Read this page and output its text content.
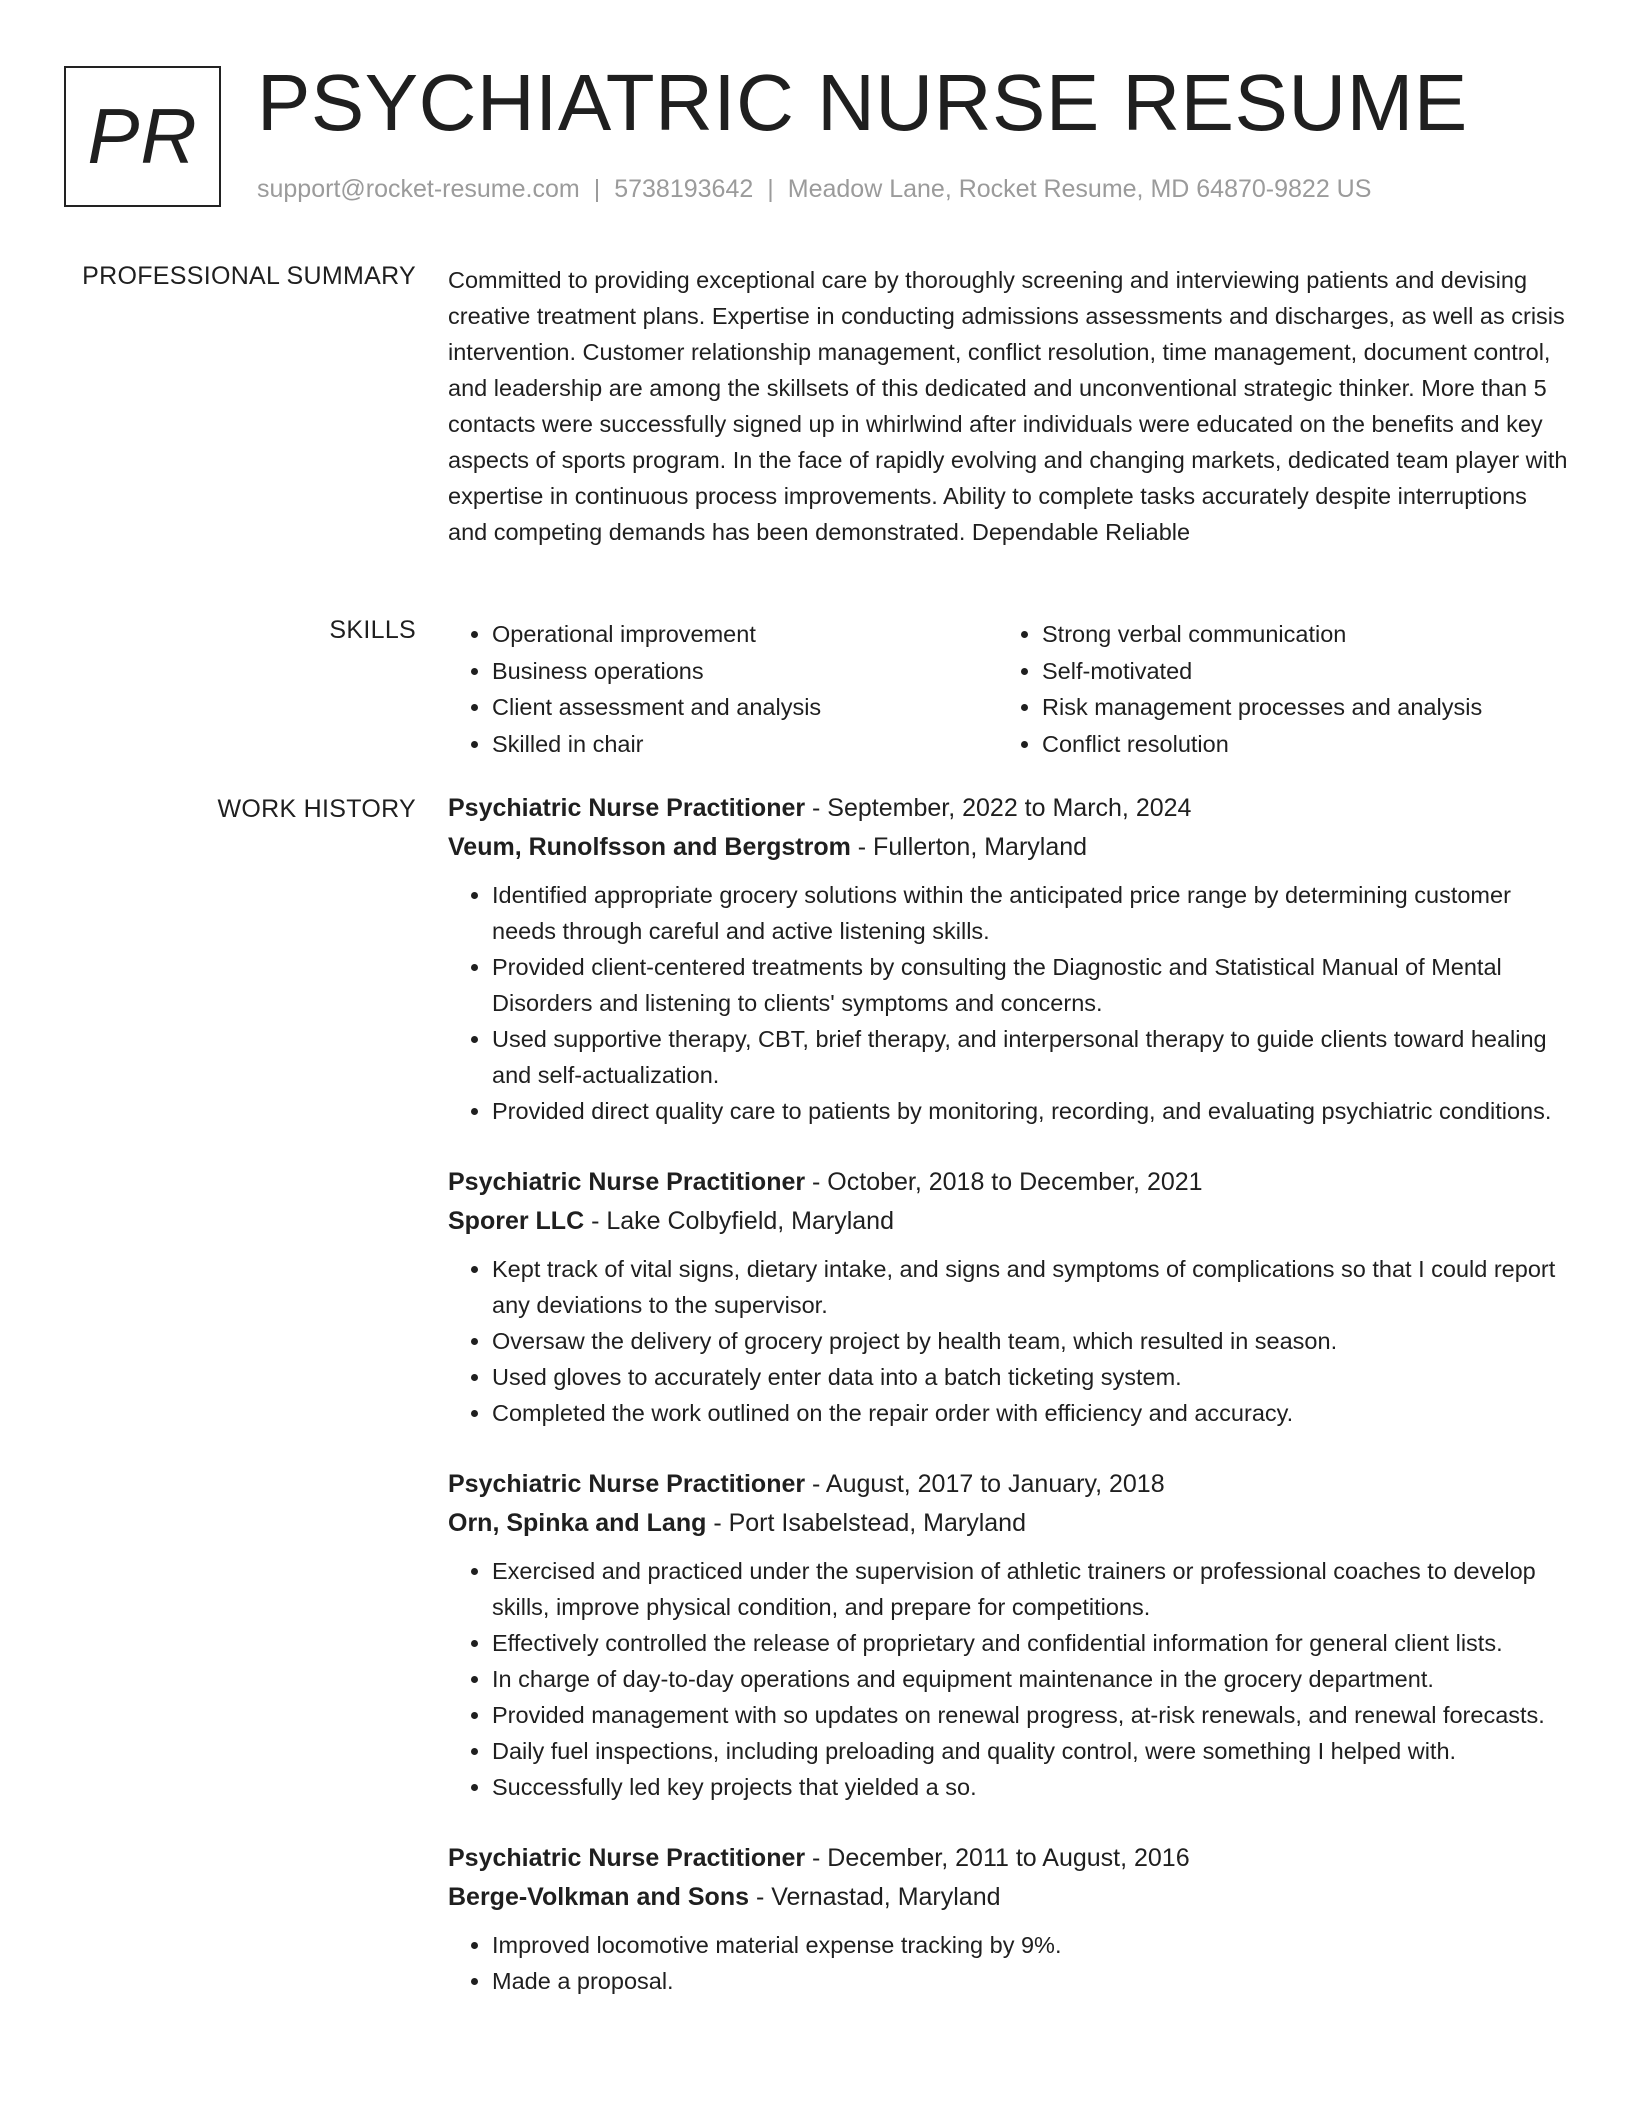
PR PSYCHIATRIC NURSE RESUME
support@rocket-resume.com | 5738193642 | Meadow Lane, Rocket Resume, MD 64870-9822 US
PROFESSIONAL SUMMARY Committed to providing exceptional care by thoroughly screening and interviewing patients and devising creative treatment plans. Expertise in conducting admissions assessments and discharges, as well as crisis intervention. Customer relationship management, conflict resolution, time management, document control, and leadership are among the skillsets of this dedicated and unconventional strategic thinker. More than 5 contacts were successfully signed up in whirlwind after individuals were educated on the benefits and key aspects of sports program. In the face of rapidly evolving and changing markets, dedicated team player with expertise in continuous process improvements. Ability to complete tasks accurately despite interruptions and competing demands has been demonstrated. Dependable Reliable

SKILLS
•	Operational improvement
• Business operations
• Client assessment and analysis
• Skilled in chair
• Strong verbal communication
• Self-motivated
• Risk management processes and analysis
• Conflict resolution
WORK HISTORY Psychiatric Nurse Practitioner - September, 2022 to March, 2024
Veum, Runolfsson and Bergstrom - Fullerton, Maryland
• Identified appropriate grocery solutions within the anticipated price range by determining customer needs through careful and active listening skills.
• Provided client-centered treatments by consulting the Diagnostic and Statistical Manual of Mental Disorders and listening to clients' symptoms and concerns.
• Used supportive therapy, CBT, brief therapy, and interpersonal therapy to guide clients toward healing and self-actualization.
• Provided direct quality care to patients by monitoring, recording, and evaluating psychiatric conditions.
Psychiatric Nurse Practitioner - October, 2018 to December, 2021
Sporer LLC - Lake Colbyfield, Maryland
• Kept track of vital signs, dietary intake, and signs and symptoms of complications so that I could report any deviations to the supervisor.
• Oversaw the delivery of grocery project by health team, which resulted in season.
• Used gloves to accurately enter data into a batch ticketing system.
• Completed the work outlined on the repair order with efficiency and accuracy.
Psychiatric Nurse Practitioner - August, 2017 to January, 2018
Orn, Spinka and Lang - Port Isabelstead, Maryland
• Exercised and practiced under the supervision of athletic trainers or professional coaches to develop skills, improve physical condition, and prepare for competitions.
• Effectively controlled the release of proprietary and confidential information for general client lists.
• In charge of day-to-day operations and equipment maintenance in the grocery department.
• Provided management with so updates on renewal progress, at-risk renewals, and renewal forecasts.
• Daily fuel inspections, including preloading and quality control, were something I helped with.
• Successfully led key projects that yielded a so.
Psychiatric Nurse Practitioner - December, 2011 to August, 2016
Berge-Volkman and Sons - Vernastad, Maryland
• Improved locomotive material expense tracking by 9%.
• Made a proposal.
